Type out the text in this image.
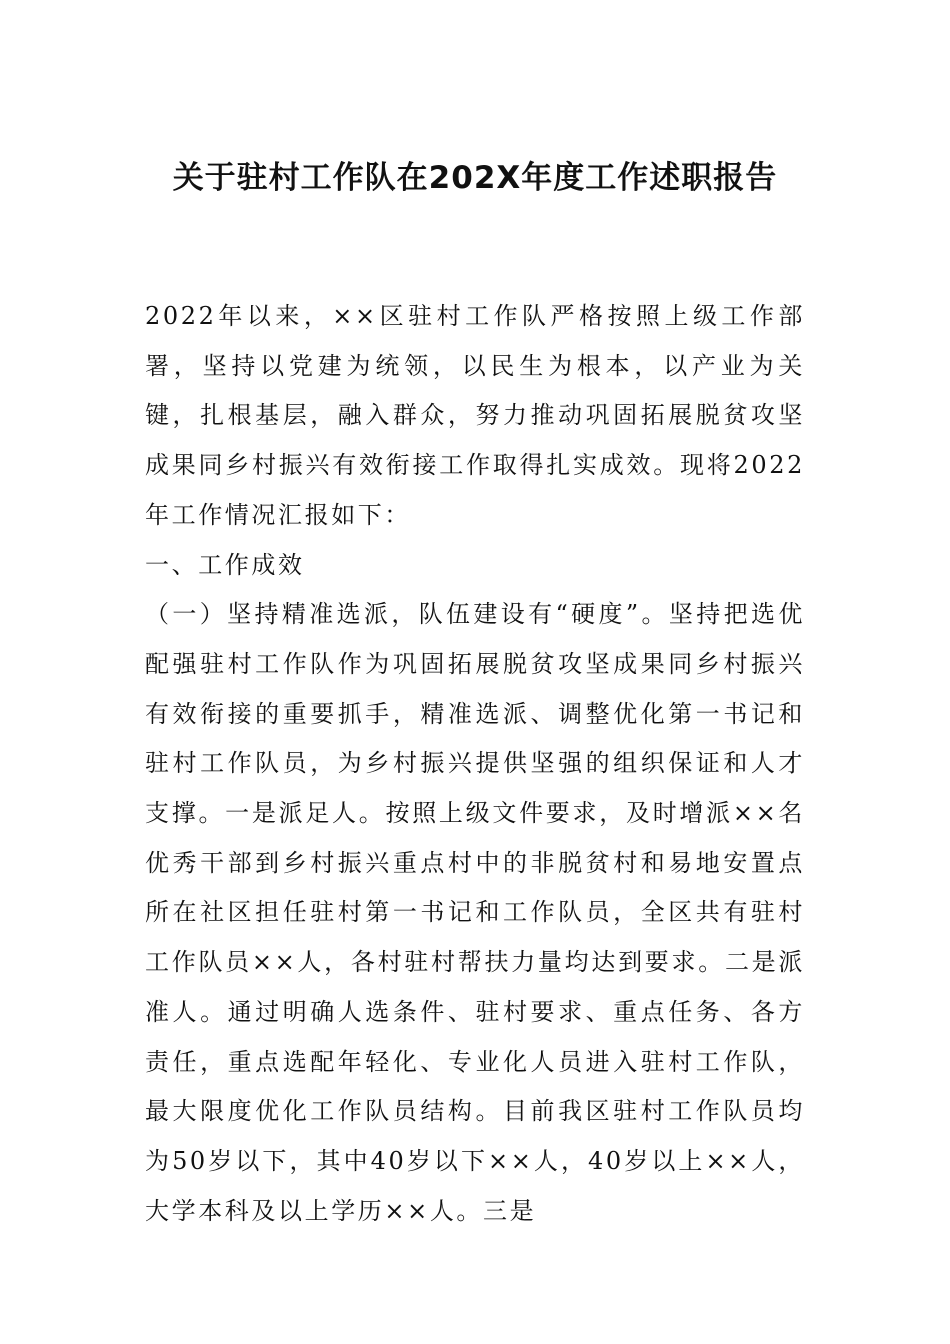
关于驻村工作队在202X年度工作述职报告

2022年以来，××区驻村工作队严格按照上级工作部署，坚持以党建为统领，以民生为根本，以产业为关键，扎根基层，融入群众，努力推动巩固拓展脱贫攻坚成果同乡村振兴有效衔接工作取得扎实成效。现将2022年工作情况汇报如下：

一、工作成效

（一）坚持精准选派，队伍建设有“硬度”。坚持把选优配强驻村工作队作为巩固拓展脱贫攻坚成果同乡村振兴有效衔接的重要抓手，精准选派、调整优化第一书记和驻村工作队员，为乡村振兴提供坚强的组织保证和人才支撑。一是派足人。按照上级文件要求，及时增派××名优秀干部到乡村振兴重点村中的非脱贫村和易地安置点所在社区担任驻村第一书记和工作队员，全区共有驻村工作队员××人，各村驻村帮扶力量均达到要求。二是派准人。通过明确人选条件、驻村要求、重点任务、各方责任，重点选配年轻化、专业化人员进入驻村工作队，最大限度优化工作队员结构。目前我区驻村工作队员均为50岁以下，其中40岁以下××人，40岁以上××人，大学本科及以上学历××人。三是
